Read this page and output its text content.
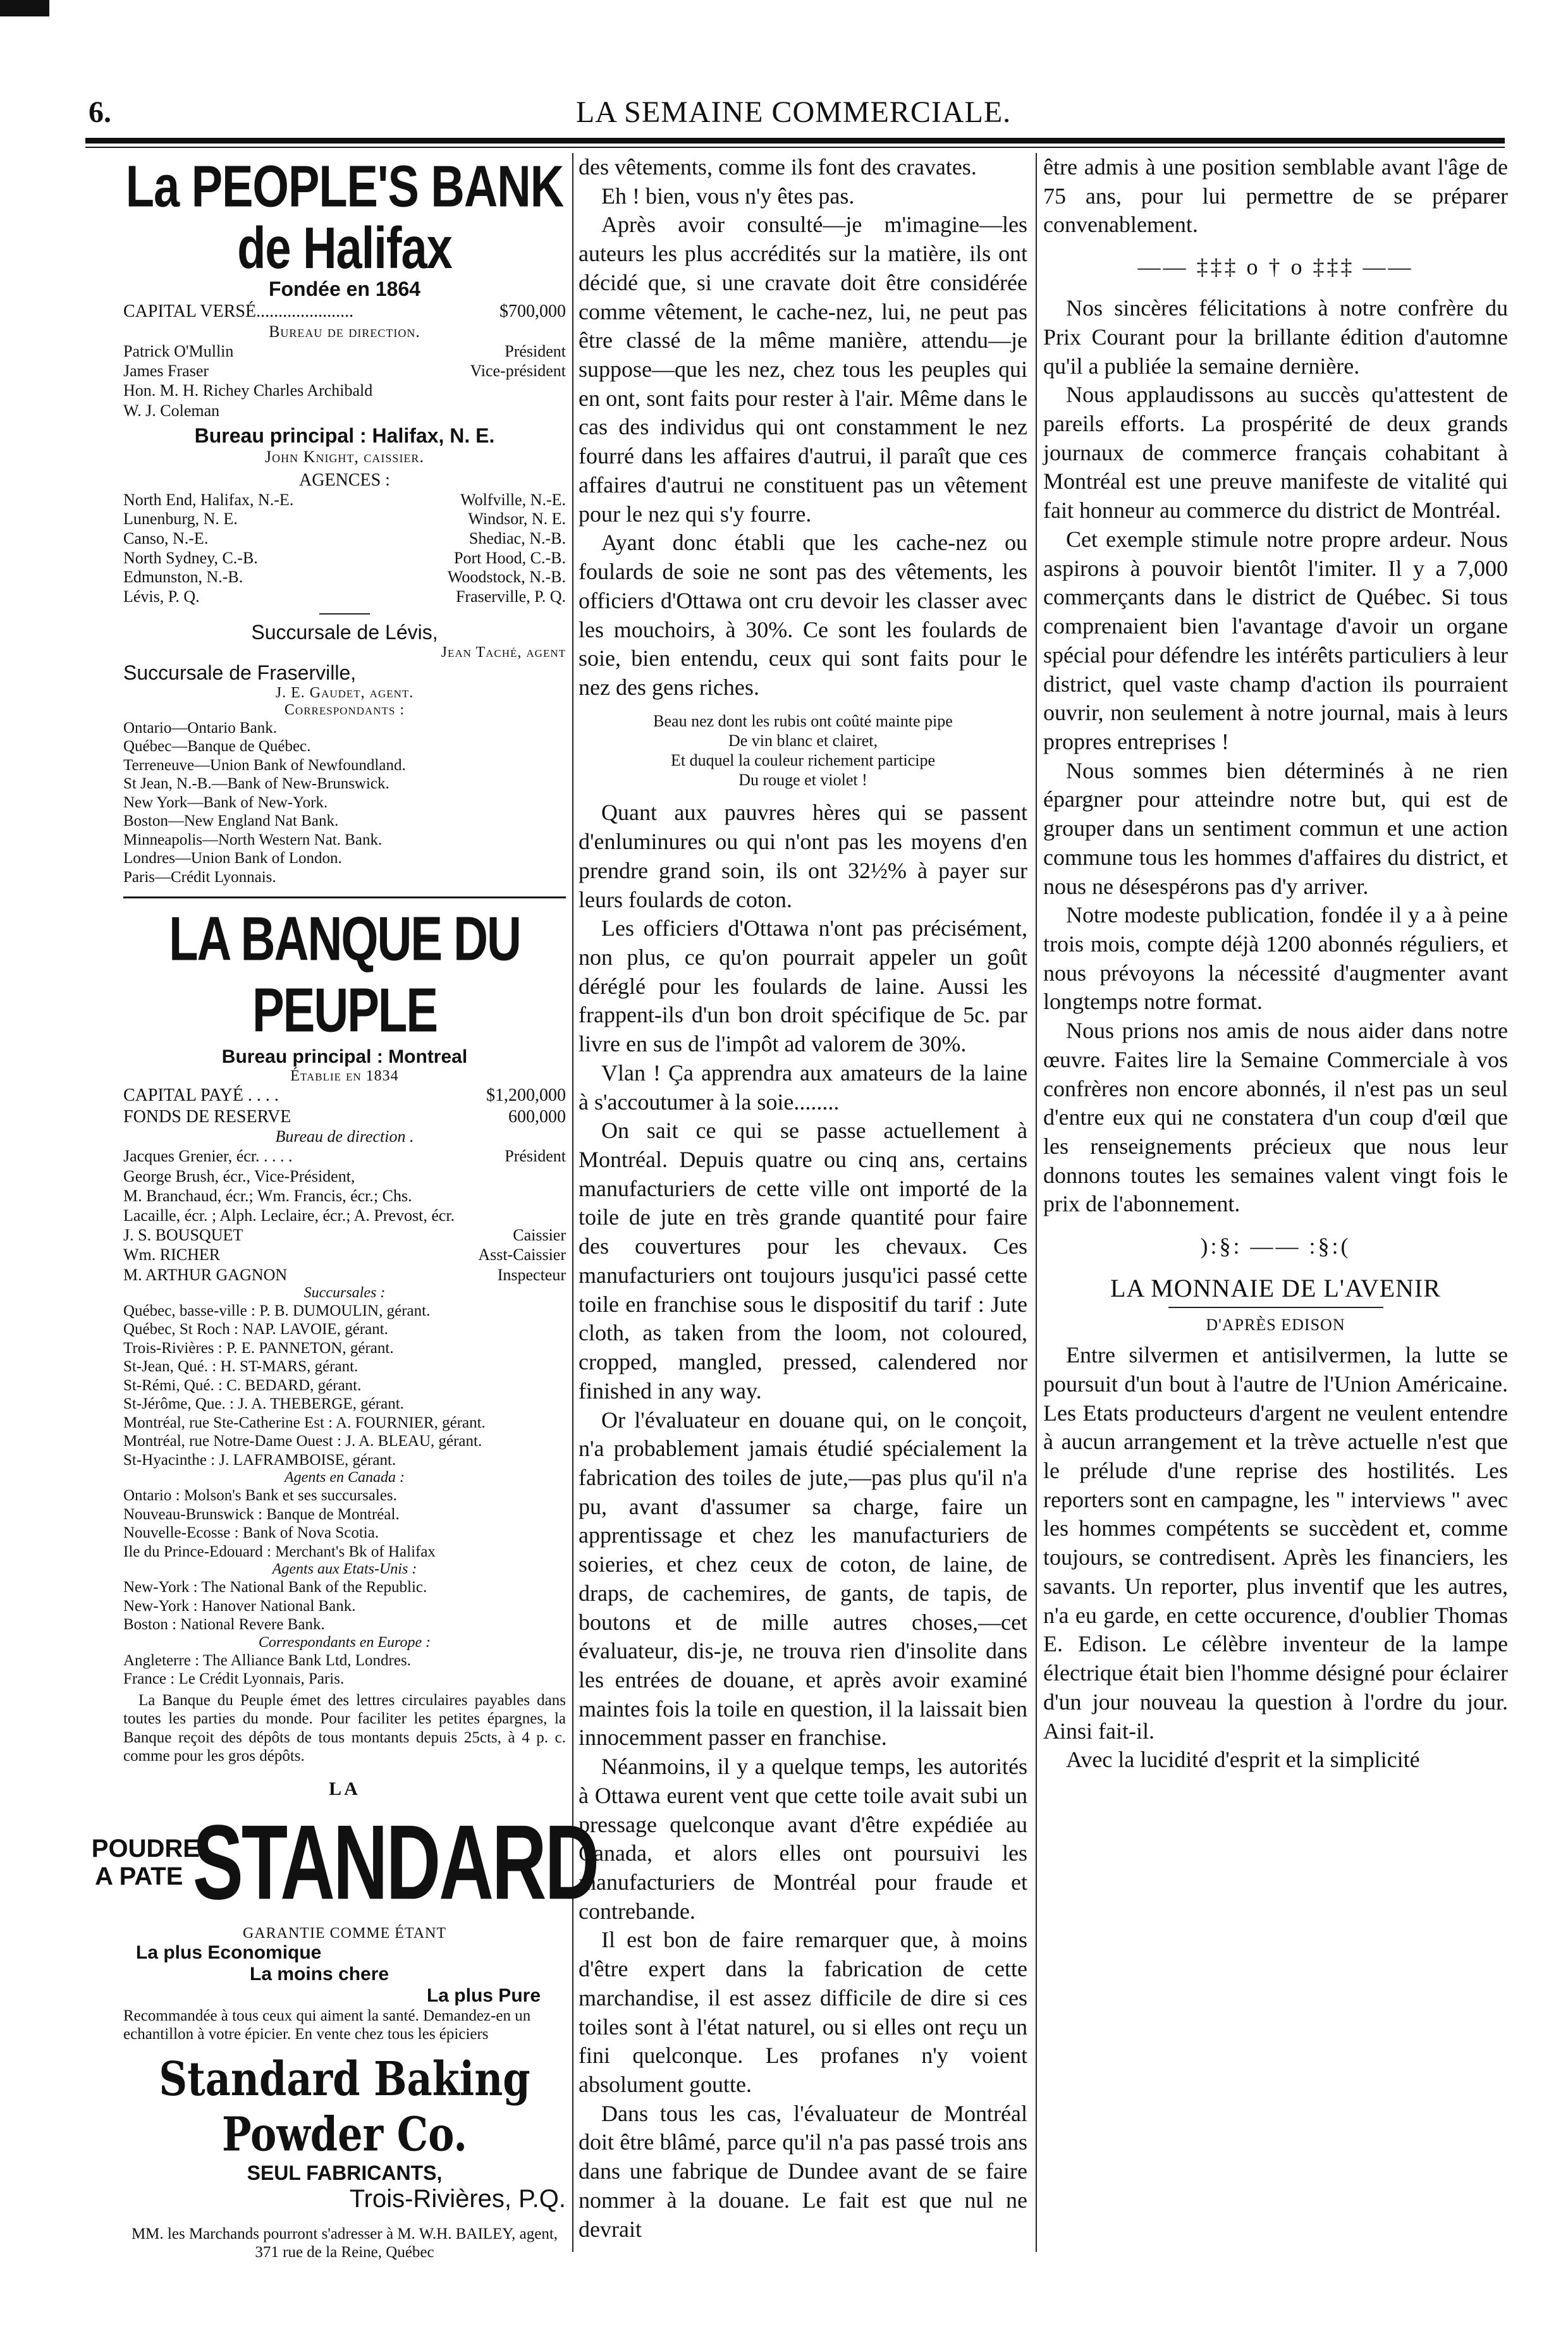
6.	LA SEMAINE COMMERCIALE.
La PEOPLE'S BANK de Halifax
Fondée en 1864
CAPITAL VERSÉ......................	$700,000
Bureau de direction.
Patrick O'Mullin	Président
James Fraser	Vice-président
Hon. M. H. Richey Charles Archibald
W. J. Coleman
Bureau principal : Halifax, N. E.
John Knight, caissier.
AGENCES :
North End, Halifax, N.-E.	Wolfville, N.-E.
Lunenburg, N. E.	Windsor, N. E.
Canso, N.-E.	Shediac, N.-B.
North Sydney, C.-B.	Port Hood, C.-B.
Edmunston, N.-B.	Woodstock, N.-B.
Lévis, P. Q.	Fraserville, P. Q.
Succursale de Lévis,
Jean Taché, agent
Succursale de Fraserville,
J. E. Gaudet, agent.
Correspondants :
Ontario—Ontario Bank.
Québec—Banque de Québec.
Terreneuve—Union Bank of Newfoundland.
St Jean, N.-B.—Bank of New-Brunswick.
New York—Bank of New-York.
Boston—New England Nat Bank.
Minneapolis—North Western Nat. Bank.
Londres—Union Bank of London.
Paris—Crédit Lyonnais.
LA BANQUE DU PEUPLE
Bureau principal : Montreal
Établie en 1834
CAPITAL PAYÉ . . . .	$1,200,000
FONDS DE RESERVE	600,000
Bureau de direction .
Jacques Grenier, écr. . . . .	Président
George Brush, écr., Vice-Président,
M. Branchaud, écr.; Wm. Francis, écr.; Chs.
Lacaille, écr. ; Alph. Leclaire, écr.; A. Prevost, écr.
J. S. BOUSQUET	Caissier
Wm. RICHER	Asst-Caissier
M. ARTHUR GAGNON	Inspecteur
Succursales :
Québec, basse-ville : P. B. DUMOULIN, gérant.
Québec, St Roch : NAP. LAVOIE, gérant.
Trois-Rivières : P. E. PANNETON, gérant.
St-Jean, Qué. : H. ST-MARS, gérant.
St-Rémi, Qué. : C. BEDARD, gérant.
St-Jérôme, Que. : J. A. THEBERGE, gérant.
Montréal, rue Ste-Catherine Est : A. FOURNIER, gérant.
Montréal, rue Notre-Dame Ouest : J. A. BLEAU, gérant.
St-Hyacinthe : J. LAFRAMBOISE, gérant.
Agents en Canada :
Ontario : Molson's Bank et ses succursales.
Nouveau-Brunswick : Banque de Montréal.
Nouvelle-Ecosse : Bank of Nova Scotia.
Ile du Prince-Edouard : Merchant's Bk of Halifax
Agents aux Etats-Unis :
New-York : The National Bank of the Republic.
New-York : Hanover National Bank.
Boston : National Revere Bank.
Correspondants en Europe :
Angleterre : The Alliance Bank Ltd, Londres.
France : Le Crédit Lyonnais, Paris.
La Banque du Peuple émet des lettres circulaires payables dans toutes les parties du monde. Pour faciliter les petites épargnes, la Banque reçoit des dépôts de tous montants depuis 25cts, à 4 p. c. comme pour les gros dépôts.
LA
POUDRE A PATE STANDARD
GARANTIE COMME ÉTANT
La plus Economique
La moins chere
La plus Pure
Recommandée à tous ceux qui aiment la santé. Demandez-en un echantillon à votre épicier. En vente chez tous les épiciers
Standard Baking Powder Co.
SEUL FABRICANTS,
Trois-Rivières, P.Q.
MM. les Marchands pourront s'adresser à M. W.H. BAILEY, agent, 371 rue de la Reine, Québec

des vêtements, comme ils font des cravates.

Eh ! bien, vous n'y êtes pas.

Après avoir consulté—je m'imagine—les auteurs les plus accrédités sur la matière, ils ont décidé que, si une cravate doit être considérée comme vêtement, le cache-nez, lui, ne peut pas être classé de la même manière, attendu—je suppose—que les nez, chez tous les peuples qui en ont, sont faits pour rester à l'air. Même dans le cas des individus qui ont constamment le nez fourré dans les affaires d'autrui, il paraît que ces affaires d'autrui ne constituent pas un vêtement pour le nez qui s'y fourre.

Ayant donc établi que les cache-nez ou foulards de soie ne sont pas des vêtements, les officiers d'Ottawa ont cru devoir les classer avec les mouchoirs, à 30%. Ce sont les foulards de soie, bien entendu, ceux qui sont faits pour le nez des gens riches.

Beau nez dont les rubis ont coûté mainte pipe
De vin blanc et clairet,
Et duquel la couleur richement participe
Du rouge et violet !

Quant aux pauvres hères qui se passent d'enluminures ou qui n'ont pas les moyens d'en prendre grand soin, ils ont 32½% à payer sur leurs foulards de coton.

Les officiers d'Ottawa n'ont pas précisément, non plus, ce qu'on pourrait appeler un goût déréglé pour les foulards de laine. Aussi les frappent-ils d'un bon droit spécifique de 5c. par livre en sus de l'impôt ad valorem de 30%.

Vlan ! Ça apprendra aux amateurs de la laine à s'accoutumer à la soie........

On sait ce qui se passe actuellement à Montréal. Depuis quatre ou cinq ans, certains manufacturiers de cette ville ont importé de la toile de jute en très grande quantité pour faire des couvertures pour les chevaux. Ces manufacturiers ont toujours jusqu'ici passé cette toile en franchise sous le dispositif du tarif : Jute cloth, as taken from the loom, not coloured, cropped, mangled, pressed, calendered nor finished in any way.

Or l'évaluateur en douane qui, on le conçoit, n'a probablement jamais étudié spécialement la fabrication des toiles de jute,—pas plus qu'il n'a pu, avant d'assumer sa charge, faire un apprentissage et chez les manufacturiers de soieries, et chez ceux de coton, de laine, de draps, de cachemires, de gants, de tapis, de boutons et de mille autres choses,—cet évaluateur, dis-je, ne trouva rien d'insolite dans les entrées de douane, et après avoir examiné maintes fois la toile en question, il la laissait bien innocemment passer en franchise.

Néanmoins, il y a quelque temps, les autorités à Ottawa eurent vent que cette toile avait subi un pressage quelconque avant d'être expédiée au Canada, et alors elles ont poursuivi les manufacturiers de Montréal pour fraude et contrebande.

Il est bon de faire remarquer que, à moins d'être expert dans la fabrication de cette marchandise, il est assez difficile de dire si ces toiles sont à l'état naturel, ou si elles ont reçu un fini quelconque. Les profanes n'y voient absolument goutte.

Dans tous les cas, l'évaluateur de Montréal doit être blâmé, parce qu'il n'a pas passé trois ans dans une fabrique de Dundee avant de se faire nommer à la douane. Le fait est que nul ne devrait

être admis à une position semblable avant l'âge de 75 ans, pour lui permettre de se préparer convenablement.

—— ‡‡‡ o † o ‡‡‡ ——

Nos sincères félicitations à notre confrère du Prix Courant pour la brillante édition d'automne qu'il a publiée la semaine dernière.

Nous applaudissons au succès qu'attestent de pareils efforts. La prospérité de deux grands journaux de commerce français cohabitant à Montréal est une preuve manifeste de vitalité qui fait honneur au commerce du district de Montréal.

Cet exemple stimule notre propre ardeur. Nous aspirons à pouvoir bientôt l'imiter. Il y a 7,000 commerçants dans le district de Québec. Si tous comprenaient bien l'avantage d'avoir un organe spécial pour défendre les intérêts particuliers à leur district, quel vaste champ d'action ils pourraient ouvrir, non seulement à notre journal, mais à leurs propres entreprises !

Nous sommes bien déterminés à ne rien épargner pour atteindre notre but, qui est de grouper dans un sentiment commun et une action commune tous les hommes d'affaires du district, et nous ne désespérons pas d'y arriver.

Notre modeste publication, fondée il y a à peine trois mois, compte déjà 1200 abonnés réguliers, et nous prévoyons la nécessité d'augmenter avant longtemps notre format.

Nous prions nos amis de nous aider dans notre œuvre. Faites lire la Semaine Commerciale à vos confrères non encore abonnés, il n'est pas un seul d'entre eux qui ne constatera d'un coup d'œil que les renseignements précieux que nous leur donnons toutes les semaines valent vingt fois le prix de l'abonnement.

):§: —— :§:(
LA MONNAIE DE L'AVENIR
D'APRÈS EDISON

Entre silvermen et antisilvermen, la lutte se poursuit d'un bout à l'autre de l'Union Américaine. Les Etats producteurs d'argent ne veulent entendre à aucun arrangement et la trève actuelle n'est que le prélude d'une reprise des hostilités. Les reporters sont en campagne, les " interviews " avec les hommes compétents se succèdent et, comme toujours, se contredisent. Après les financiers, les savants. Un reporter, plus inventif que les autres, n'a eu garde, en cette occurence, d'oublier Thomas E. Edison. Le célèbre inventeur de la lampe électrique était bien l'homme désigné pour éclairer d'un jour nouveau la question à l'ordre du jour. Ainsi fait-il.

Avec la lucidité d'esprit et la simplicité
